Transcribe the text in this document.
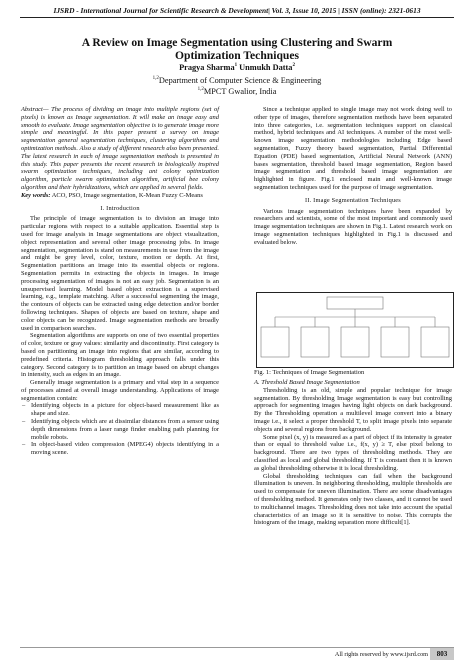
IJSRD - International Journal for Scientific Research & Development| Vol. 3, Issue 10, 2015 | ISSN (online): 2321-0613
A Review on Image Segmentation using Clustering and Swarm
Optimization Techniques
Pragya Sharma$^1$ Unmukh Datta$^2$
$^{1,2}$Department of Computer Science & Engineering
$^{1,2}$MPCT Gwalior, India

Abstract— The process of dividing an image into multiple regions (set of pixels) is known as Image segmentation. It will make an image easy and smooth to evaluate. Image segmentation objective is to generate image more simple and meaningful. In this paper present a survey on image segmentation general segmentation techniques, clustering algorithms and optimization methods. Also a study of different research also been presented. The latest research in each of image segmentation methods is presented in this study. This paper presents the recent research in biologically inspired swarm optimization techniques, including ant colony optimization algorithm, particle swarm optimization algorithm, artificial bee colony algorithm and their hybridizations, which are applied in several fields.

Key words: ACO, PSO, Image segmentation, K-Mean Fuzzy C-Means

I. Introduction

The principle of image segmentation is to division an image into particular regions with respect to a suitable application. Essential step is used for image analysis in Image segmentations are object visualization, object representation and several other image processing jobs. In image segmentation, segmentation is stand on measurements in use from the image and might be grey level, color, texture, motion or depth. At first, Segmentation partitions an image into its essential objects or regions. Segmentation permits in extracting the objects in images. In image processing segmentation of images is not an easy job. Segmentation is an unsupervised learning. Model based object extraction is a supervised learning, e.g., template matching. After a successful segmenting the image, the contours of objects can be extracted using edge detection and/or border following techniques. Shapes of objects are based on texture, shape and color objects can be recognized. Image segmentation methods are broadly used in comparison searches.

Segmentation algorithms are supports on one of two essential properties of color, texture or gray values: similarity and discontinuity. First category is based on partitioning an image into regions that are similar, according to predefined criteria. Histogram thresholding approach falls under this category. Second category is to partition an image based on abrupt changes in intensity, such as edges in an image.

Generally image segmentation is a primary and vital step in a sequence of processes aimed at overall image understanding. Applications of image segmentation contain:

– Identifying objects in a picture for object-based measurement like as shape and size.
– Identifying objects which are at dissimilar distances from a sensor using depth dimensions from a laser range finder enabling path planning for mobile robots.
– In object-based video compression (MPEG4) objects identifying in a moving scene.

Since a technique applied to single image may not work doing well to other type of images, therefore segmentation methods have been separated into three categories, i.e. segmentation techniques support on classical method, hybrid techniques and AI techniques. A number of the most well-known image segmentation methodologies including Edge based segmentation, Fuzzy theory based segmentation, Partial Differential Equation (PDE) based segmentation, Artificial Neural Network (ANN) bases segmentation, threshold based image segmentation, Region based image segmentation and threshold based image segmentation are highlighted in figure. Fig.1 enclosed main and well-known image segmentation techniques used for the purpose of image segmentation.

II. Image Segmentation Techniques

Various image segmentation techniques have been expanded by researchers and scientists, some of the most important and commonly used image segmentation techniques are shown in Fig.1. Latest research work on image segmentation techniques highlighted in Fig.1 is discussed and evaluated below.

Fig. 1: Techniques of Image Segmentation
A. Threshold Based Image Segmentation

Thresholding is an old, simple and popular technique for image segmentation. By thresholding Image segmentation is easy but controlling approach for segmenting images having light objects on dark background. By the Thresholding operation a multilevel image convert into a binary image i.e., it select a proper threshold T, to split image pixels into separate objects and several regions from background.

Some pixel (x, y) is measured as a part of object if its intensity is greater than or equal to threshold value i.e., f(x, y) ≥ T, else pixel belong to background. There are two types of thresholding methods. They are classified as local and global thresholding. If T is constant then it is known as global thresholding otherwise it is local thresholding.

Global thresholding techniques can fail when the background illumination is uneven. In neighboring thresholding, multiple thresholds are used to compensate for uneven illumination. There are some disadvantages of thresholding method. It generates only two classes, and it cannot be used to multichannel images. Thresholding does not take into account the spatial characteristics of an image so it is sensitive to noise. This corrupts the histogram of the image, making separation more difficult[1].

All rights reserved by www.ijsrd.com	803
